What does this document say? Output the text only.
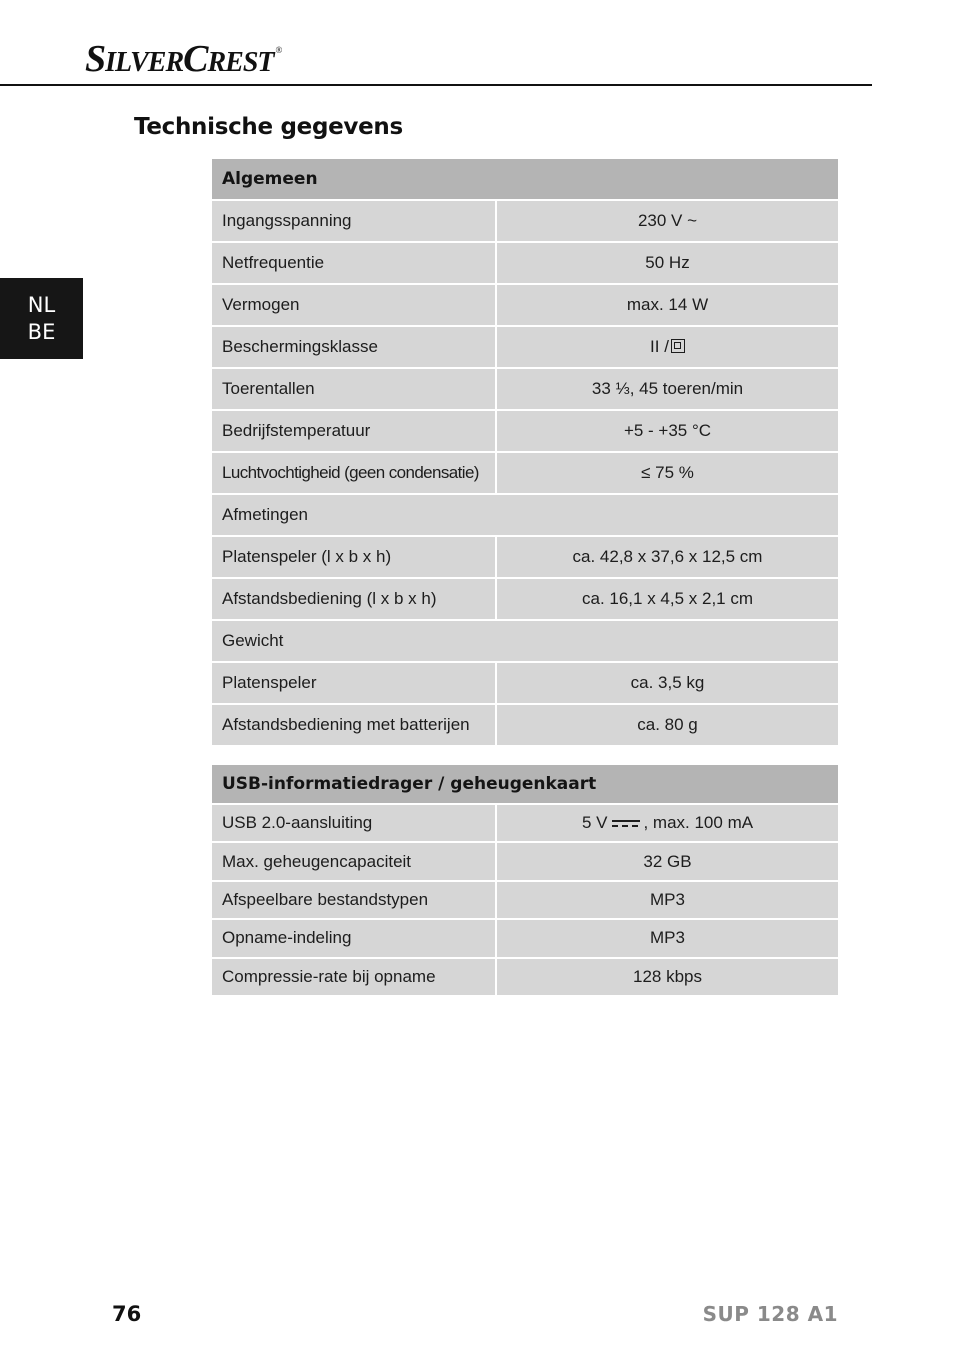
SILVERCREST ®
Technische gegevens
NL
BE
Algemeen	
Ingangsspanning	230 V ~
Netfrequentie	50 Hz
Vermogen	max. 14 W
Beschermingsklasse	II /
Toerentallen	33 ⅓, 45 toeren/min
Bedrijfstemperatuur	+5 - +35 °C
Luchtvochtigheid (geen condensatie)	≤ 75 %
Afmetingen	
Platenspeler (l x b x h)	ca. 42,8 x 37,6 x 12,5 cm
Afstandsbediening (l x b x h)	ca. 16,1 x 4,5 x 2,1 cm
Gewicht	
Platenspeler	ca. 3,5 kg
Afstandsbediening met batterijen	ca. 80 g
USB-informatiedrager / geheugenkaart	
USB 2.0-aansluiting	5 V , max. 100 mA
Max. geheugencapaciteit	32 GB
Afspeelbare bestandstypen	MP3
Opname-indeling	MP3
Compressie-rate bij opname	128 kbps
76	SUP 128 A1
